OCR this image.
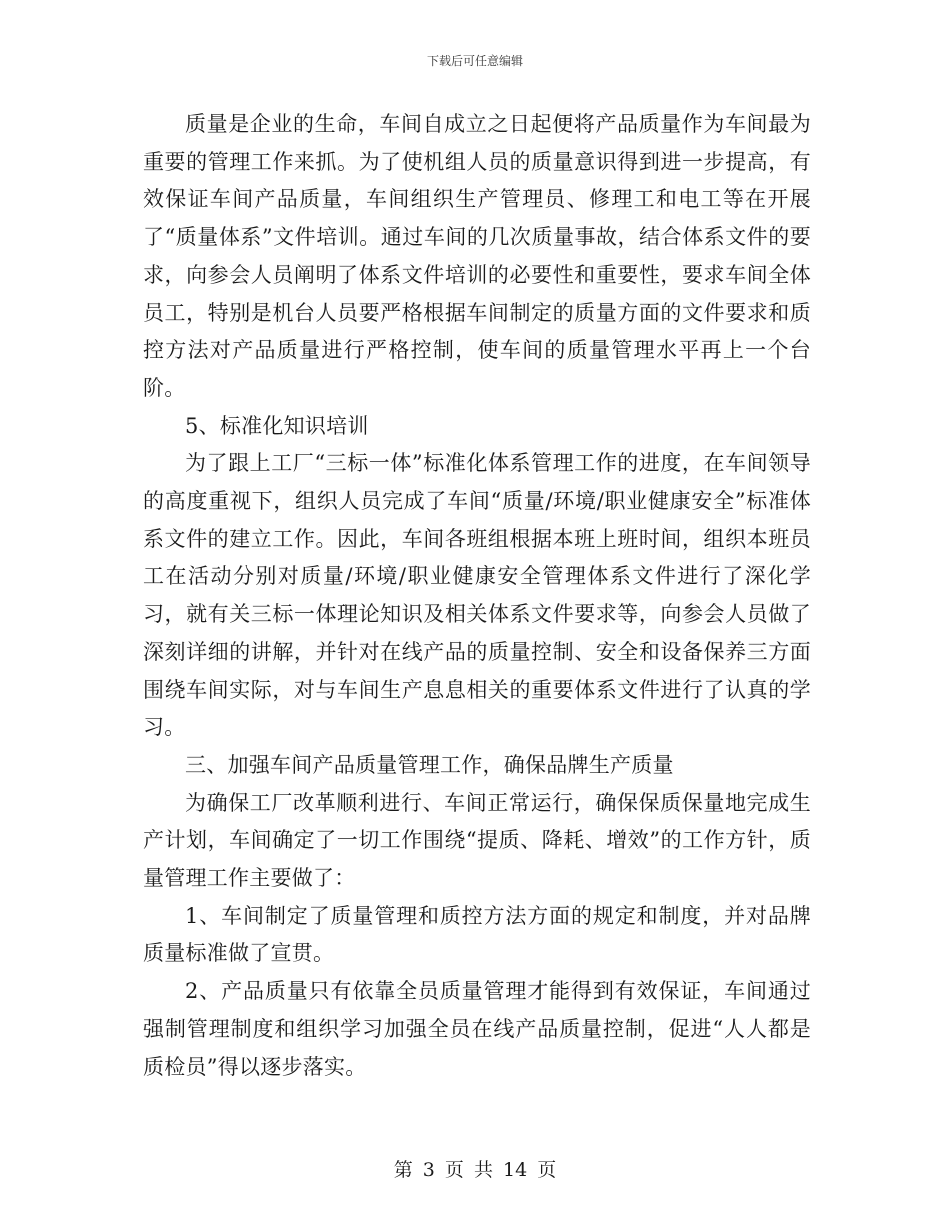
下载后可任意编辑

质量是企业的生命，车间自成立之日起便将产品质量作为车间最为重要的管理工作来抓。为了使机组人员的质量意识得到进一步提高，有效保证车间产品质量，车间组织生产管理员、修理工和电工等在开展了“质量体系”文件培训。通过车间的几次质量事故，结合体系文件的要求，向参会人员阐明了体系文件培训的必要性和重要性，要求车间全体员工，特别是机台人员要严格根据车间制定的质量方面的文件要求和质控方法对产品质量进行严格控制，使车间的质量管理水平再上一个台阶。

5、标准化知识培训

为了跟上工厂“三标一体”标准化体系管理工作的进度，在车间领导的高度重视下，组织人员完成了车间“质量/环境/职业健康安全”标准体系文件的建立工作。因此，车间各班组根据本班上班时间，组织本班员工在活动分别对质量/环境/职业健康安全管理体系文件进行了深化学习，就有关三标一体理论知识及相关体系文件要求等，向参会人员做了深刻详细的讲解，并针对在线产品的质量控制、安全和设备保养三方面围绕车间实际，对与车间生产息息相关的重要体系文件进行了认真的学习。

三、加强车间产品质量管理工作，确保品牌生产质量

为确保工厂改革顺利进行、车间正常运行，确保保质保量地完成生产计划，车间确定了一切工作围绕“提质、降耗、增效”的工作方针，质量管理工作主要做了：

1、车间制定了质量管理和质控方法方面的规定和制度，并对品牌质量标准做了宣贯。

2、产品质量只有依靠全员质量管理才能得到有效保证，车间通过强制管理制度和组织学习加强全员在线产品质量控制，促进“人人都是质检员”得以逐步落实。

第 3 页 共 14 页
